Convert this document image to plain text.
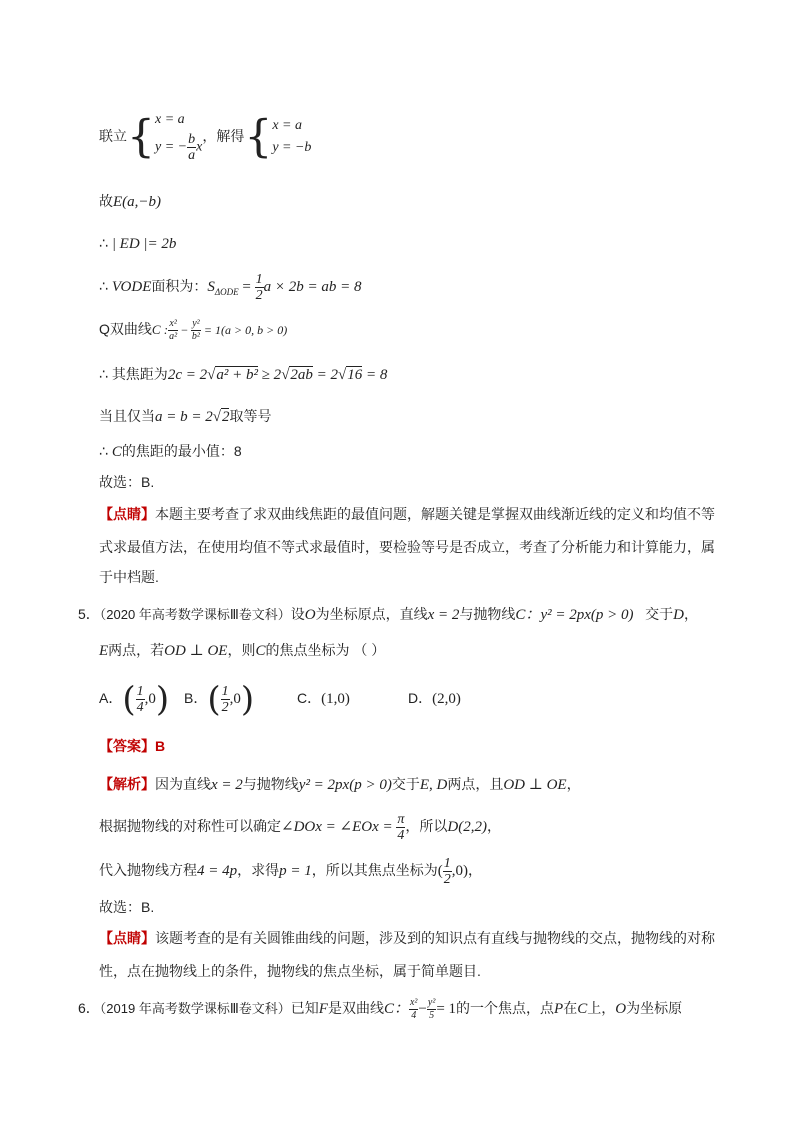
联立{ x = a
y = − $\frac{b}{a}$ x
，解得{ x = a
y = −b
故E(a,−b)
∴ | ED |= 2b
∴ VODE面积为：$S_{\Delta ODE} = \frac{1}{2}$ a × 2b = ab = 8
Q双曲线C : $\frac{\text{x²}}{\text{a²}} - \frac{\text{y²}}{\text{b²}} = 1(a > 0$, b > 0)
∴ 其焦距为2c = 2√a² + b² ≥ 2√2ab = 2√16 = 8
当且仅当a = b = 2√2取等号
∴ C的焦距的最小值：8
故选：B.
【点睛】本题主要考查了求双曲线焦距的最值问题，解题关键是掌握双曲线渐近线的定义和均值不等
式求最值方法，在使用均值不等式求最值时，要检验等号是否成立，考查了分析能力和计算能力，属
于中档题.
5．（2020 年高考数学课标Ⅲ卷文科）设O为坐标原点，直线x = 2与抛物线C：y² = 2px(p > 0) 交于D，
E两点，若OD ⊥ OE，则C的焦点坐标为 （ ）
A．( $\frac{1}{4} ,0$) B．( $\frac{1}{2} ,0$)	C．(1,0)	D．(2,0)
【答案】B
【解析】因为直线x = 2与抛物线y² = 2px(p > 0)交于E, D两点，且OD ⊥ OE，
根据抛物线的对称性可以确定∠DOx = ∠EOx = $\frac{\pi}{4}$ ，所以D(2,2)，
代入抛物线方程4 = 4p，求得p = 1，所以其焦点坐标为( $\frac{1}{2} ,0$)，
故选：B.
【点睛】该题考查的是有关圆锥曲线的问题，涉及到的知识点有直线与抛物线的交点，抛物线的对称
性，点在抛物线上的条件，抛物线的焦点坐标，属于简单题目.
6．（2019 年高考数学课标Ⅲ卷文科）已知F是双曲线C： $\frac{\text{x²}}{4} - \frac{\text{y²}}{5} = 1$的一个焦点，点P在C上，O为坐标原
